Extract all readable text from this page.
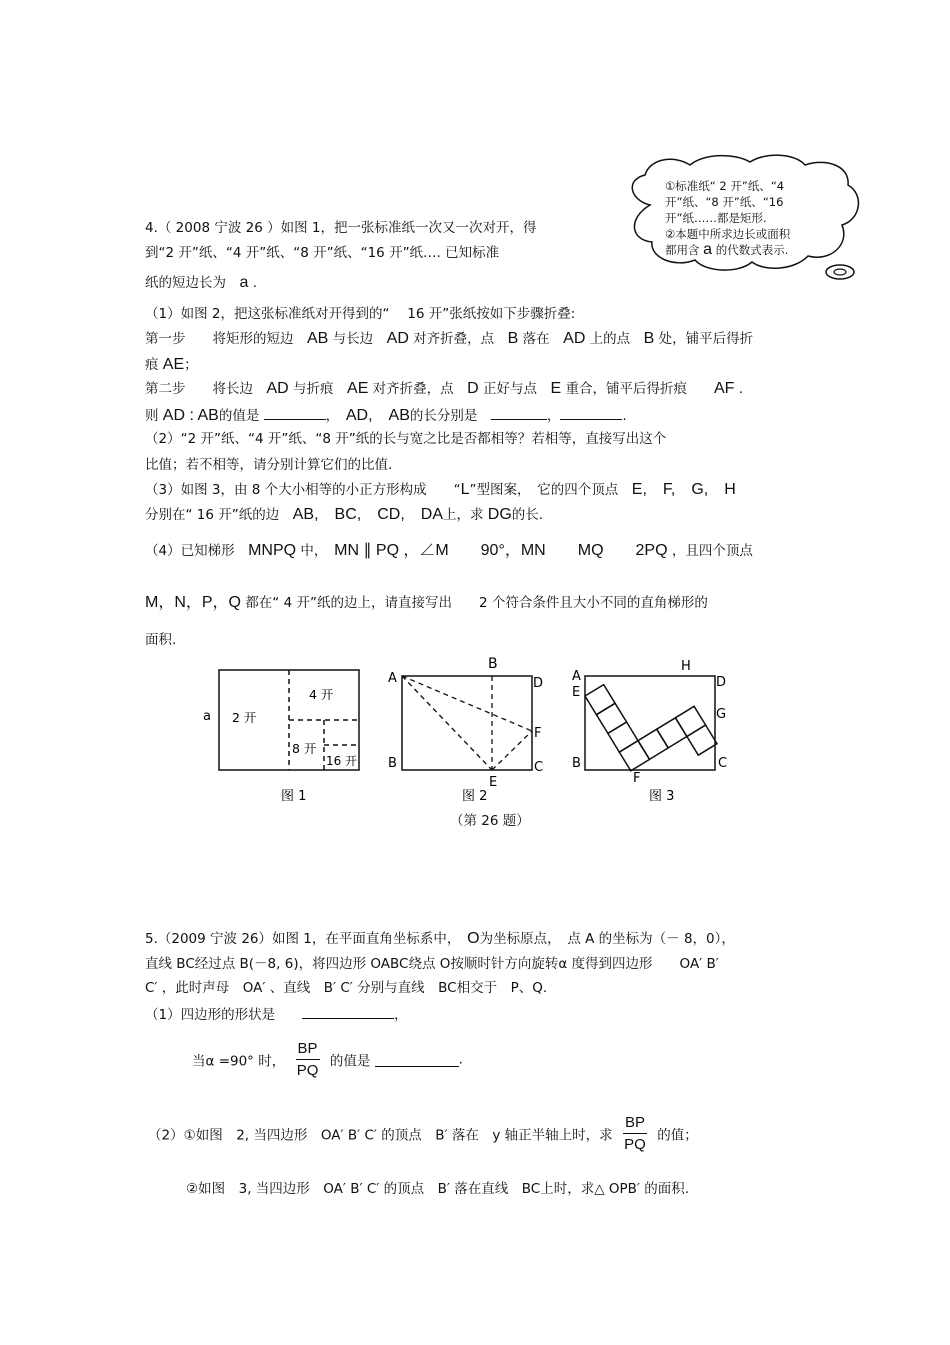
①标准纸“ 2 开”纸、“4
开”纸、“8 开”纸、“16
开”纸……都是矩形.
②本题中所求边长或面积
都用含 a 的代数式表示.
4.（ 2008 宁波 26 ）如图 1，把一张标准纸一次又一次对开，得
到“2 开”纸、“4 开”纸、“8 开”纸、“16 开”纸…. 已知标准
纸的短边长为　 a .
（1）如图 2，把这张标准纸对开得到的“　 16 开”张纸按如下步骤折叠:
第一步　　将矩形的短边　 AB 与长边　 AD 对齐折叠，点　 B 落在　 AD 上的点　 B 处，铺平后得折
痕 AE；
第二步　　将长边　 AD 与折痕　 AE 对齐折叠，点　 D 正好与点　 E 重合，铺平后得折痕　　 AF .
则 AD : AB的值是	，　AD,　AB的长分别是　	，	.
（2）“2 开”纸、“4 开”纸、“8 开”纸的长与宽之比是否都相等？若相等，直接写出这个
比值；若不相等，请分别计算它们的比值.
（3）如图 3，由 8 个大小相等的小正方形构成　　“L”型图案，　它的四个顶点　 E,　F,　G,　H
分别在“ 16 开”纸的边　 AB,　BC,　CD,　DA上，求 DG的长.
（4）已知梯形　 MNPQ 中，　 MN ∥ PQ ，∠M　　90°，MN　　MQ　　2PQ ，且四个顶点
M，N，P，Q 都在“ 4 开”纸的边上，请直接写出　　2 个符合条件且大小不同的直角梯形的
面积.
a 2 开
4 开
8 开
16 开
图 1
A
B
D
F
B	C
E
图 2
A
E
H
D
G
B
F
C
图 3
（第 26 题）
5.（2009 宁波 26）如图 1，在平面直角坐标系中，　O为坐标原点，　点 A 的坐标为（－ 8，0），
直线 BC经过点 B(－8, 6)，将四边形 OABC绕点 O按顺时针方向旋转α 度得到四边形　　OA′ B′
C′ ，此时声母　OA′ 、直线　B′ C′ 分别与直线　BC相交于　P、Q.
（1）四边形的形状是　　	，
当α =90° 时， $\frac{BP}{PQ}$ 的值是	.
（2）①如图　2, 当四边形　OA′ B′ C′ 的顶点　B′ 落在　y 轴正半轴上时，求 $\frac{BP}{PQ}$ 的值；
②如图　3, 当四边形　OA′ B′ C′ 的顶点　B′ 落在直线　BC上时，求△ OPB′ 的面积.
